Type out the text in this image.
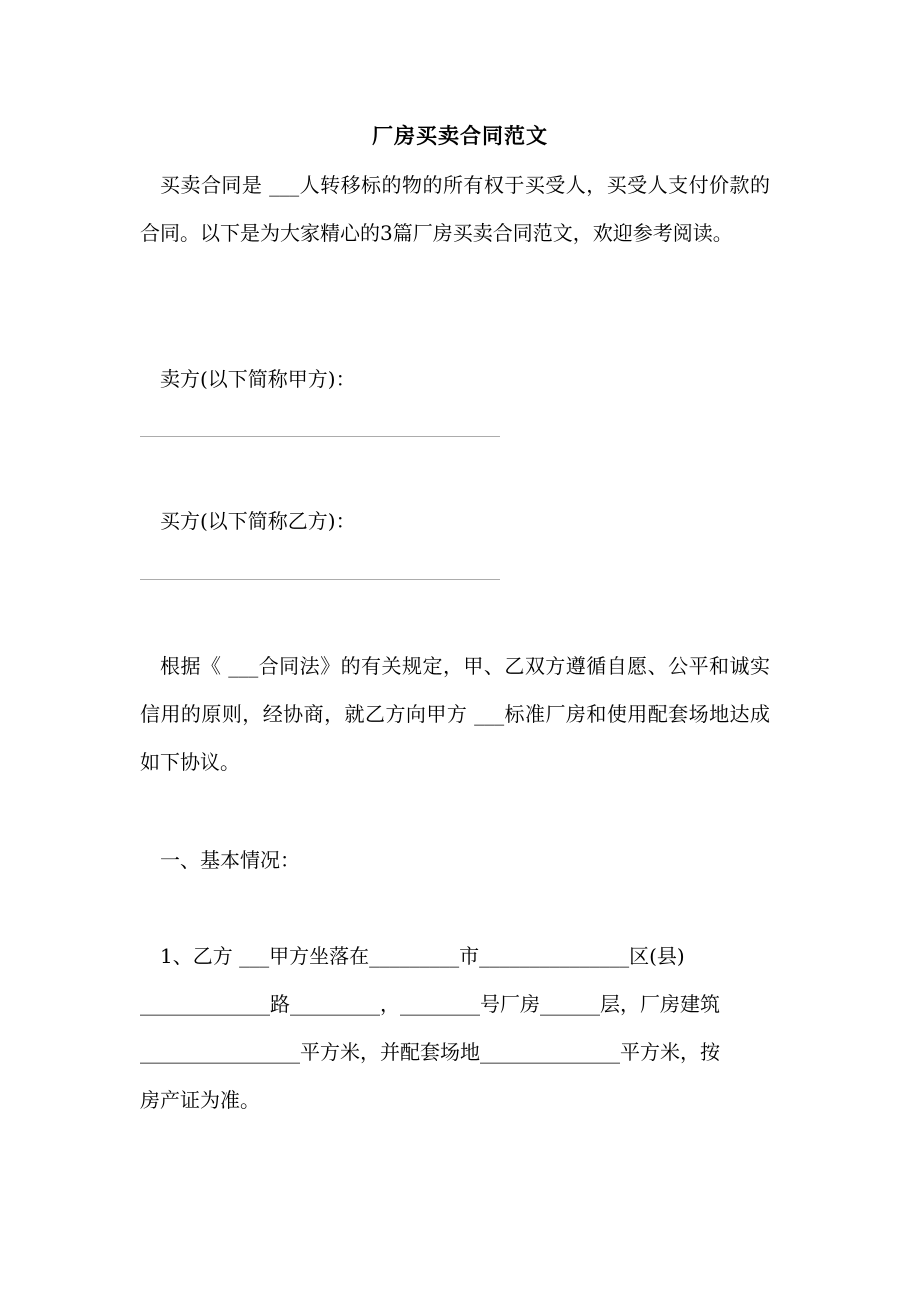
厂房买卖合同范文
买卖合同是 ___人转移标的物的所有权于买受人，买受人支付价款的合同。以下是为大家精心的3篇厂房买卖合同范文，欢迎参考阅读。
卖方(以下简称甲方)：
_____________________________________________
买方(以下简称乙方)：
_____________________________________________
根据《 ___合同法》的有关规定，甲、乙双方遵循自愿、公平和诚实信用的原则，经协商，就乙方向甲方 ___标准厂房和使用配套场地达成如下协议。
一、基本情况：
1、乙方 ___甲方坐落在_________市_______________区(县)
_____________路_________，________号厂房______层，厂房建筑
________________平方米，并配套场地______________平方米，按
房产证为准。
